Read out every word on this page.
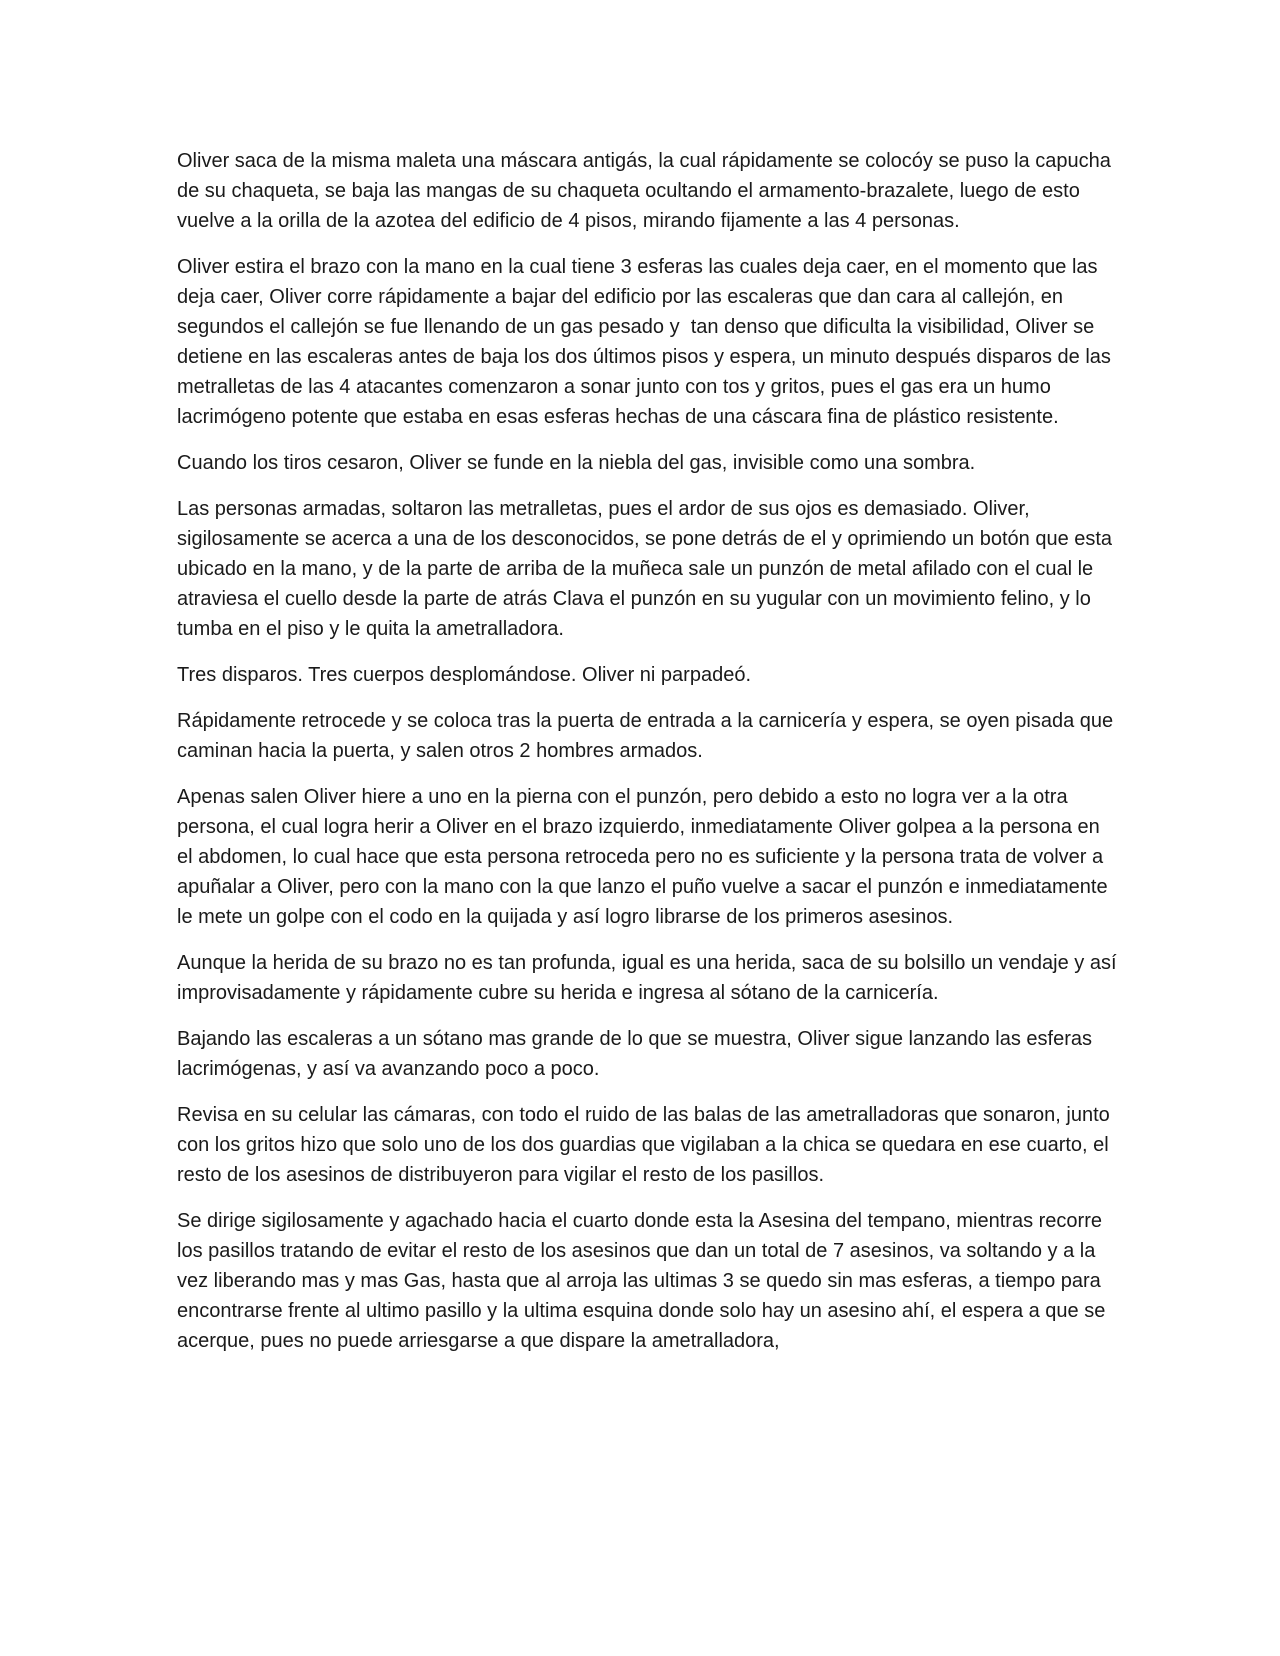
Oliver saca de la misma maleta una máscara antigás, la cual rápidamente se colocóy se puso la capucha de su chaqueta, se baja las mangas de su chaqueta ocultando el armamento-brazalete, luego de esto vuelve a la orilla de la azotea del edificio de 4 pisos, mirando fijamente a las 4 personas.

Oliver estira el brazo con la mano en la cual tiene 3 esferas las cuales deja caer, en el momento que las deja caer, Oliver corre rápidamente a bajar del edificio por las escaleras que dan cara al callejón, en segundos el callejón se fue llenando de un gas pesado y  tan denso que dificulta la visibilidad, Oliver se detiene en las escaleras antes de baja los dos últimos pisos y espera, un minuto después disparos de las metralletas de las 4 atacantes comenzaron a sonar junto con tos y gritos, pues el gas era un humo lacrimógeno potente que estaba en esas esferas hechas de una cáscara fina de plástico resistente.

Cuando los tiros cesaron, Oliver se funde en la niebla del gas, invisible como una sombra.

Las personas armadas, soltaron las metralletas, pues el ardor de sus ojos es demasiado. Oliver, sigilosamente se acerca a una de los desconocidos, se pone detrás de el y oprimiendo un botón que esta ubicado en la mano, y de la parte de arriba de la muñeca sale un punzón de metal afilado con el cual le atraviesa el cuello desde la parte de atrás Clava el punzón en su yugular con un movimiento felino, y lo tumba en el piso y le quita la ametralladora.

Tres disparos. Tres cuerpos desplomándose. Oliver ni parpadeó.

Rápidamente retrocede y se coloca tras la puerta de entrada a la carnicería y espera, se oyen pisada que caminan hacia la puerta, y salen otros 2 hombres armados.

Apenas salen Oliver hiere a uno en la pierna con el punzón, pero debido a esto no logra ver a la otra persona, el cual logra herir a Oliver en el brazo izquierdo, inmediatamente Oliver golpea a la persona en el abdomen, lo cual hace que esta persona retroceda pero no es suficiente y la persona trata de volver a apuñalar a Oliver, pero con la mano con la que lanzo el puño vuelve a sacar el punzón e inmediatamente le mete un golpe con el codo en la quijada y así logro librarse de los primeros asesinos.

Aunque la herida de su brazo no es tan profunda, igual es una herida, saca de su bolsillo un vendaje y así improvisadamente y rápidamente cubre su herida e ingresa al sótano de la carnicería.

Bajando las escaleras a un sótano mas grande de lo que se muestra, Oliver sigue lanzando las esferas lacrimógenas, y así va avanzando poco a poco.

Revisa en su celular las cámaras, con todo el ruido de las balas de las ametralladoras que sonaron, junto con los gritos hizo que solo uno de los dos guardias que vigilaban a la chica se quedara en ese cuarto, el resto de los asesinos de distribuyeron para vigilar el resto de los pasillos.

Se dirige sigilosamente y agachado hacia el cuarto donde esta la Asesina del tempano, mientras recorre los pasillos tratando de evitar el resto de los asesinos que dan un total de 7 asesinos, va soltando y a la vez liberando mas y mas Gas, hasta que al arroja las ultimas 3 se quedo sin mas esferas, a tiempo para encontrarse frente al ultimo pasillo y la ultima esquina donde solo hay un asesino ahí, el espera a que se acerque, pues no puede arriesgarse a que dispare la ametralladora,
